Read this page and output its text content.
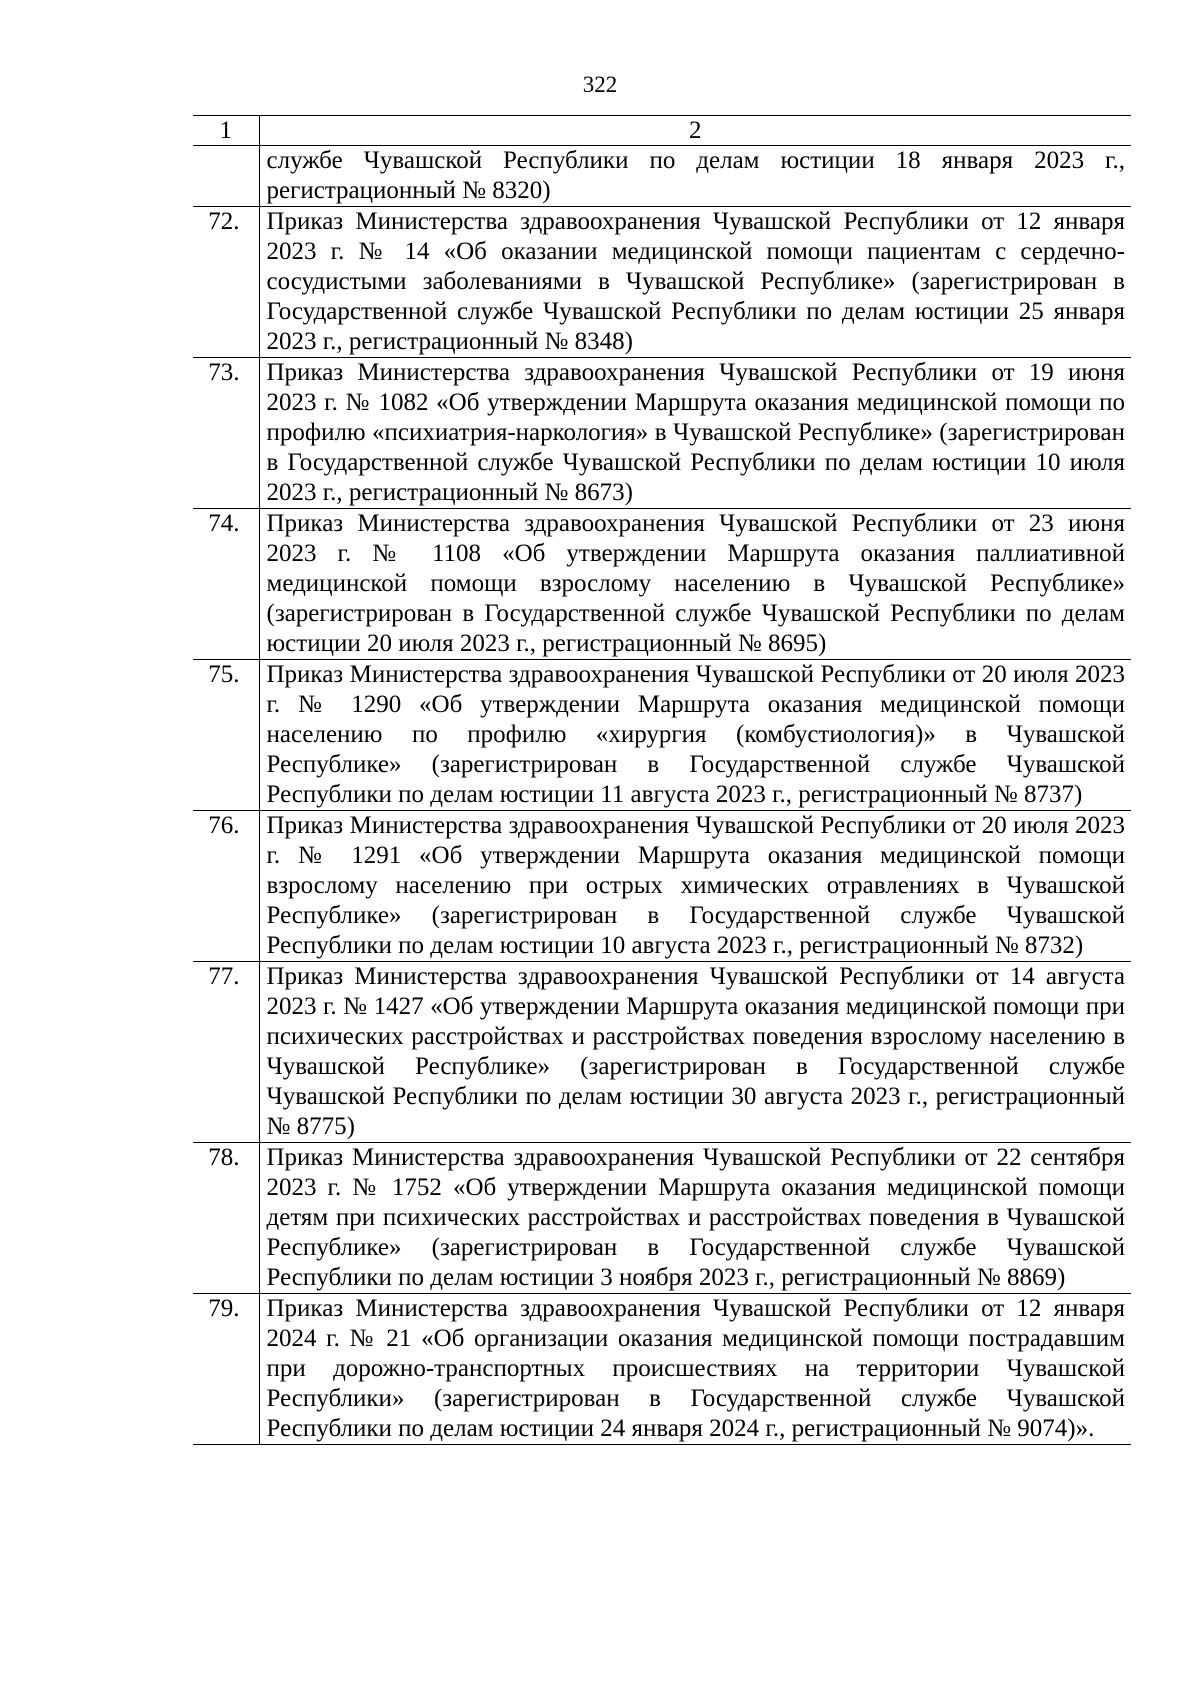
322
1	2
	службе Чувашской Республики по делам юстиции 18 января 2023 г., регистрационный № 8320)
72.	Приказ Министерства здравоохранения Чувашской Республики от 12 января 2023 г. № 14 «Об оказании медицинской помощи пациентам с сердечно-сосудистыми заболеваниями в Чувашской Республике» (зарегистрирован в Государственной службе Чувашской Республики по делам юстиции 25 января 2023 г., регистрационный № 8348)
73.	Приказ Министерства здравоохранения Чувашской Республики от 19 июня 2023 г. № 1082 «Об утверждении Маршрута оказания медицинской помощи по профилю «психиатрия-наркология» в Чувашской Республике» (зарегистрирован в Государственной службе Чувашской Республики по делам юстиции 10 июля 2023 г., регистрационный № 8673)
74.	Приказ Министерства здравоохранения Чувашской Республики от 23 июня 2023 г. № 1108 «Об утверждении Маршрута оказания паллиативной медицинской помощи взрослому населению в Чувашской Республике» (зарегистрирован в Государственной службе Чувашской Республики по делам юстиции 20 июля 2023 г., регистрационный № 8695)
75.	Приказ Министерства здравоохранения Чувашской Республики от 20 июля 2023 г. № 1290 «Об утверждении Маршрута оказания медицинской помощи населению по профилю «хирургия (комбустиология)» в Чувашской Республике» (зарегистрирован в Государственной службе Чувашской Республики по делам юстиции 11 августа 2023 г., регистрационный № 8737)
76.	Приказ Министерства здравоохранения Чувашской Республики от 20 июля 2023 г. № 1291 «Об утверждении Маршрута оказания медицинской помощи взрослому населению при острых химических отравлениях в Чувашской Республике» (зарегистрирован в Государственной службе Чувашской Республики по делам юстиции 10 августа 2023 г., регистрационный № 8732)
77.	Приказ Министерства здравоохранения Чувашской Республики от 14 августа 2023 г. № 1427 «Об утверждении Маршрута оказания медицинской помощи при психических расстройствах и расстройствах поведения взрослому населению в Чувашской Республике» (зарегистрирован в Государственной службе Чувашской Республики по делам юстиции 30 августа 2023 г., регистрационный № 8775)
78.	Приказ Министерства здравоохранения Чувашской Республики от 22 сентября 2023 г. № 1752 «Об утверждении Маршрута оказания медицинской помощи детям при психических расстройствах и расстройствах поведения в Чувашской Республике» (зарегистрирован в Государственной службе Чувашской Республики по делам юстиции 3 ноября 2023 г., регистрационный № 8869)
79.	Приказ Министерства здравоохранения Чувашской Республики от 12 января 2024 г. № 21 «Об организации оказания медицинской помощи пострадавшим при дорожно-транспортных происшествиях на территории Чувашской Республики» (зарегистрирован в Государственной службе Чувашской Республики по делам юстиции 24 января 2024 г., регистрационный № 9074)».
